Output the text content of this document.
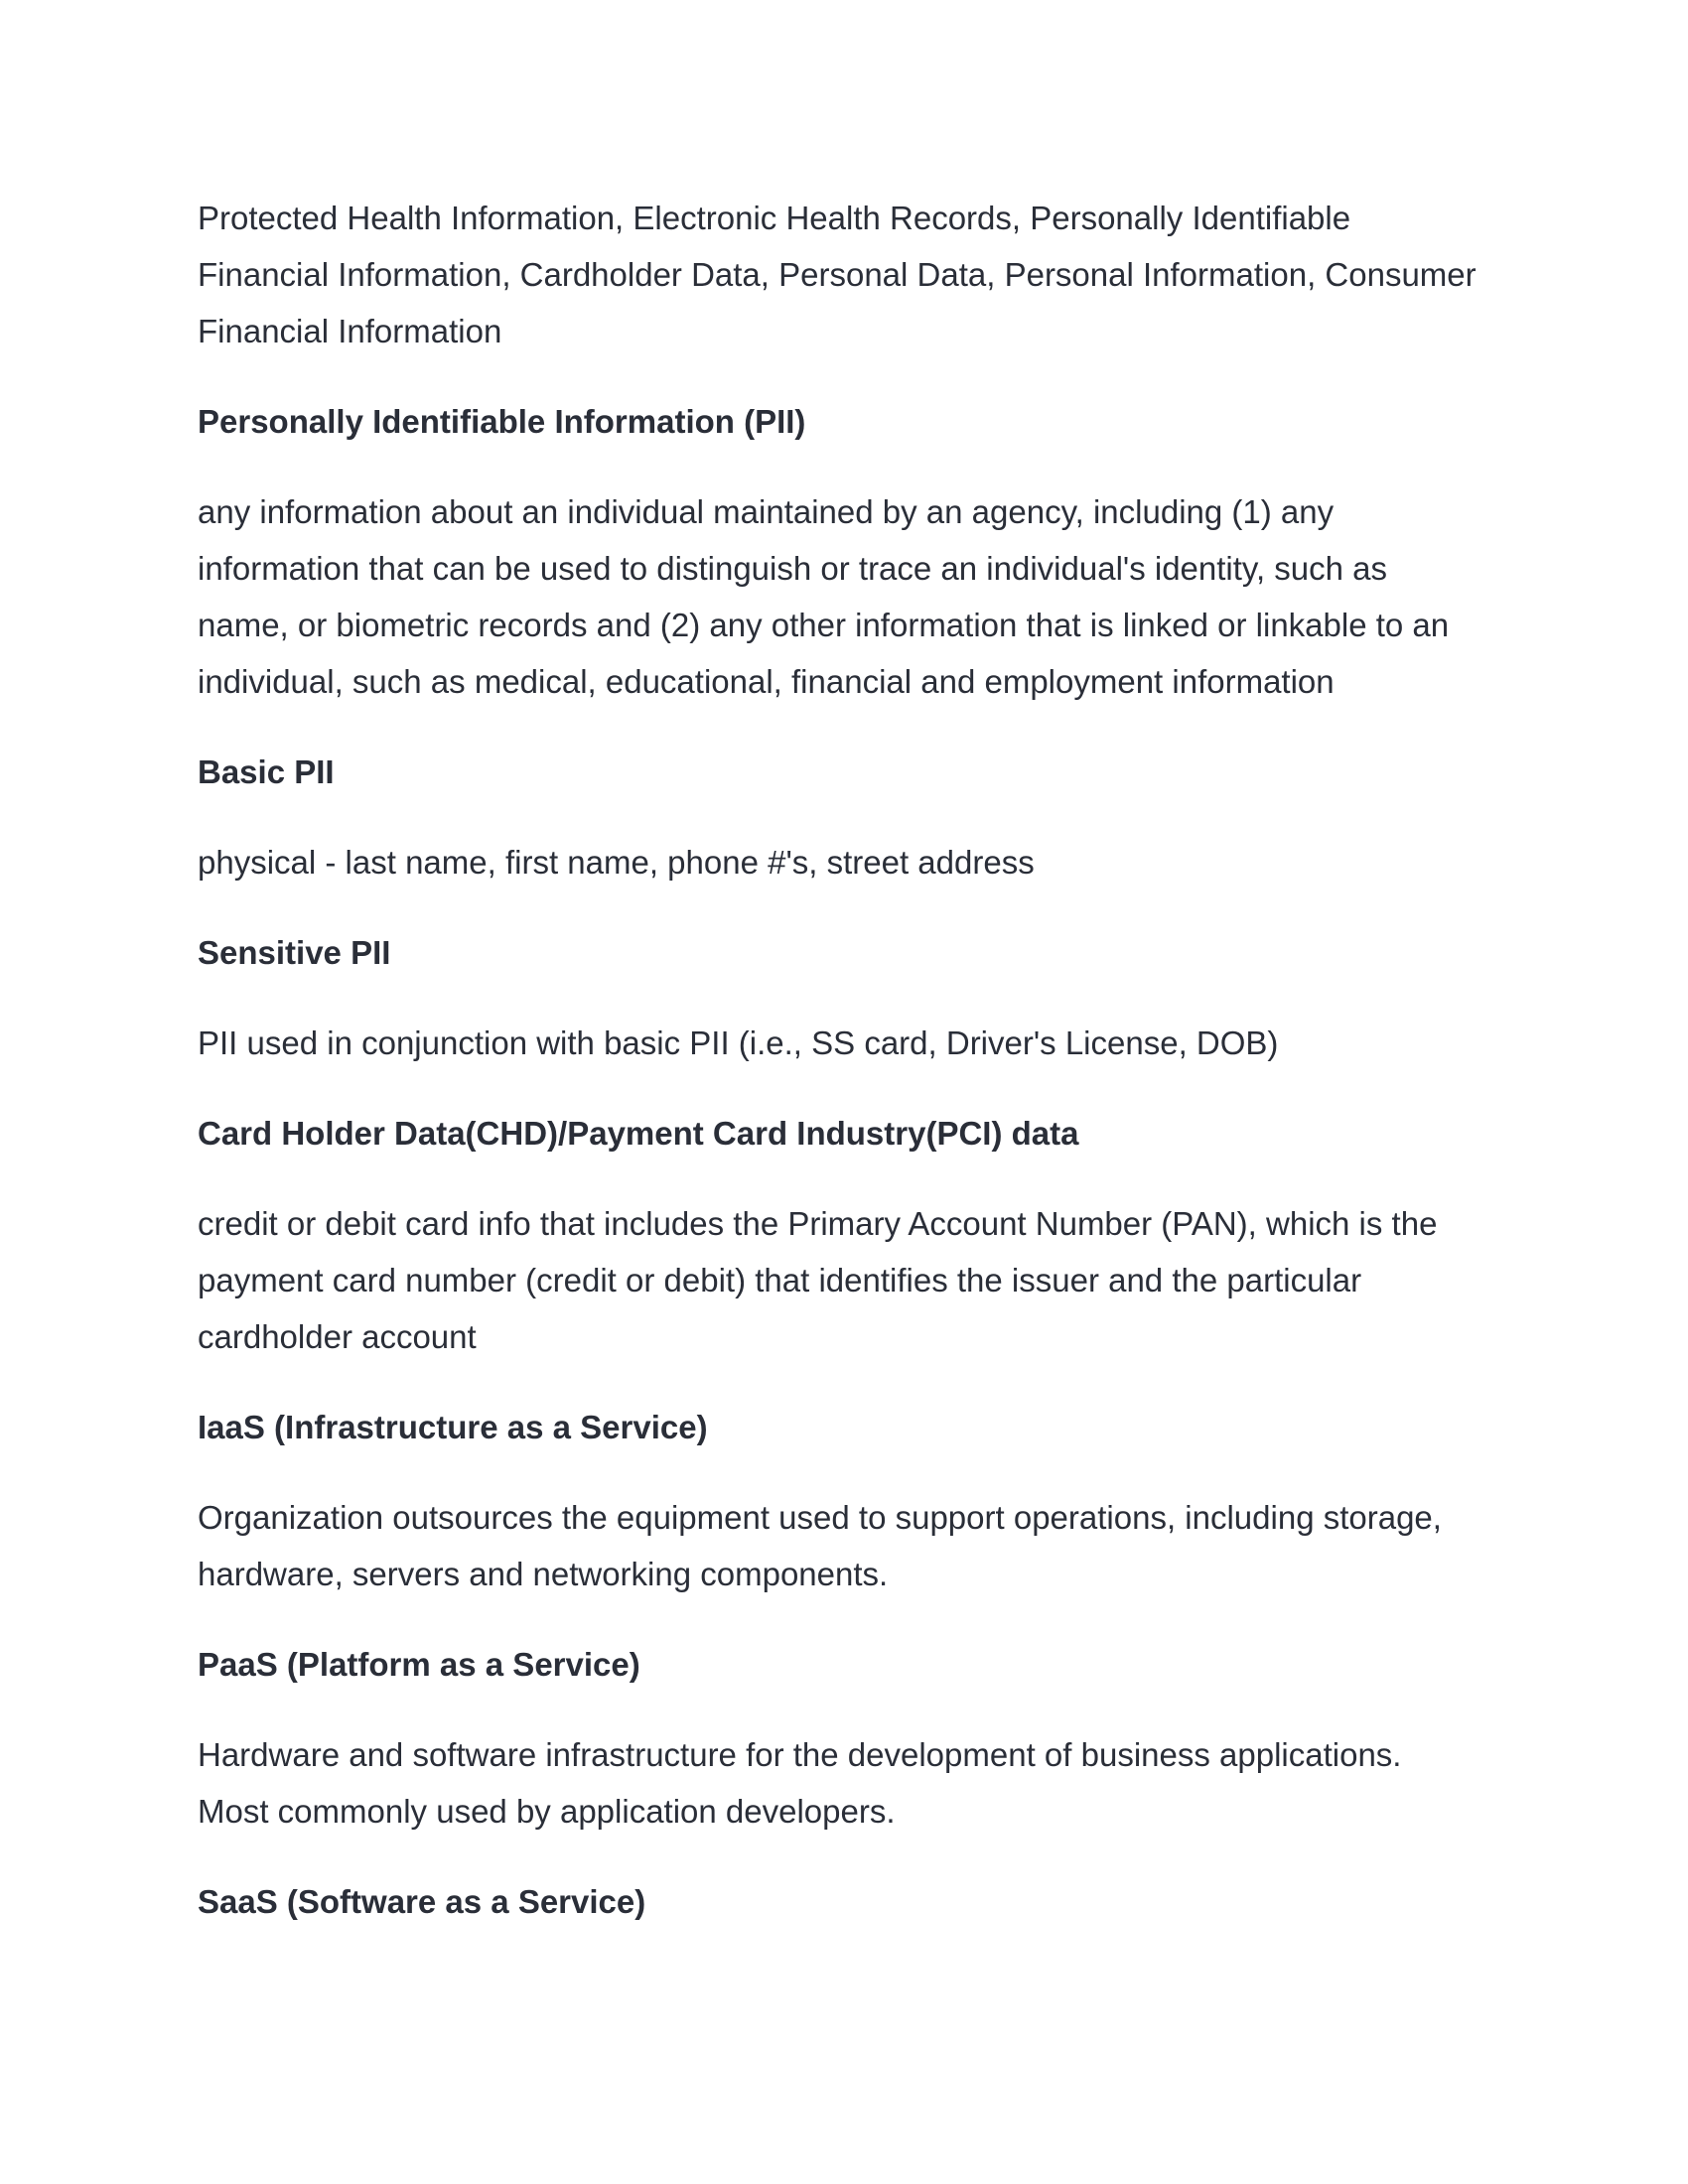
Protected Health Information, Electronic Health Records, Personally Identifiable Financial Information, Cardholder Data, Personal Data, Personal Information, Consumer Financial Information

Personally Identifiable Information (PII)

any information about an individual maintained by an agency, including (1) any information that can be used to distinguish or trace an individual's identity, such as name, or biometric records and (2) any other information that is linked or linkable to an individual, such as medical, educational, financial and employment information

Basic PII

physical - last name, first name, phone #'s, street address

Sensitive PII

PII used in conjunction with basic PII (i.e., SS card, Driver's License, DOB)

Card Holder Data(CHD)/Payment Card Industry(PCI) data

credit or debit card info that includes the Primary Account Number (PAN), which is the payment card number (credit or debit) that identifies the issuer and the particular cardholder account

IaaS (Infrastructure as a Service)

Organization outsources the equipment used to support operations, including storage, hardware, servers and networking components.

PaaS (Platform as a Service)

Hardware and software infrastructure for the development of business applications. Most commonly used by application developers.

SaaS (Software as a Service)
